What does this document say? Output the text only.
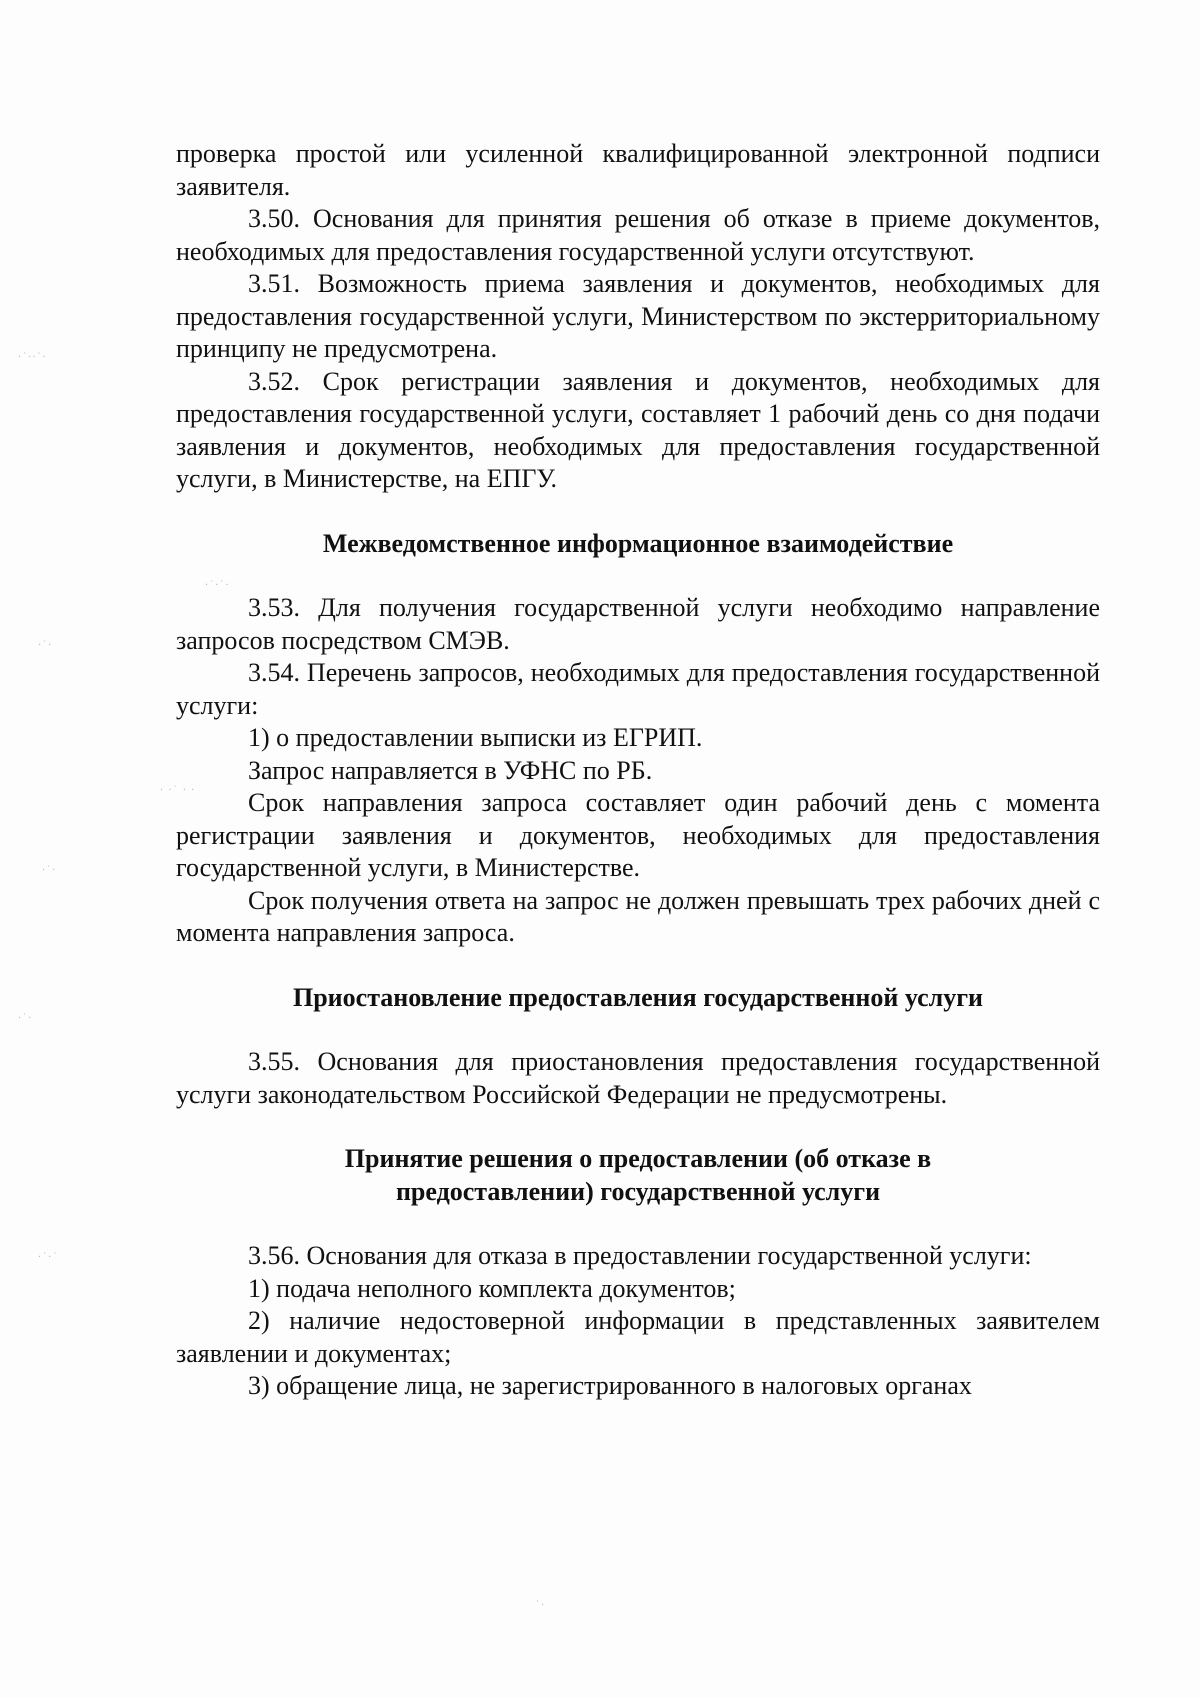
·˙··˙·
·˙·˙·
·˙·
· ·˙ · ·
·˙·
·˙·
·˙·˙
˙·

проверка простой или усиленной квалифицированной электронной подписи заявителя.

3.50. Основания для принятия решения об отказе в приеме документов, необходимых для предоставления государственной услуги отсутствуют.

3.51. Возможность приема заявления и документов, необходимых для предоставления государственной услуги, Министерством по экстерриториальному принципу не предусмотрена.

3.52. Срок регистрации заявления и документов, необходимых для предоставления государственной услуги, составляет 1 рабочий день со дня подачи заявления и документов, необходимых для предоставления государственной услуги, в Министерстве, на ЕПГУ.

Межведомственное информационное взаимодействие

3.53. Для получения государственной услуги необходимо направление запросов посредством СМЭВ.

3.54. Перечень запросов, необходимых для предоставления государственной услуги:

1) о предоставлении выписки из ЕГРИП.

Запрос направляется в УФНС по РБ.

Срок направления запроса составляет один рабочий день с момента регистрации заявления и документов, необходимых для предоставления государственной услуги, в Министерстве.

Срок получения ответа на запрос не должен превышать трех рабочих дней с момента направления запроса.

Приостановление предоставления государственной услуги

3.55. Основания для приостановления предоставления государственной услуги законодательством Российской Федерации не предусмотрены.

Принятие решения о предоставлении (об отказе в

предоставлении) государственной услуги

3.56. Основания для отказа в предоставлении государственной услуги:

1) подача неполного комплекта документов;

2) наличие недостоверной информации в представленных заявителем заявлении и документах;

3) обращение лица, не зарегистрированного в налоговых органах
